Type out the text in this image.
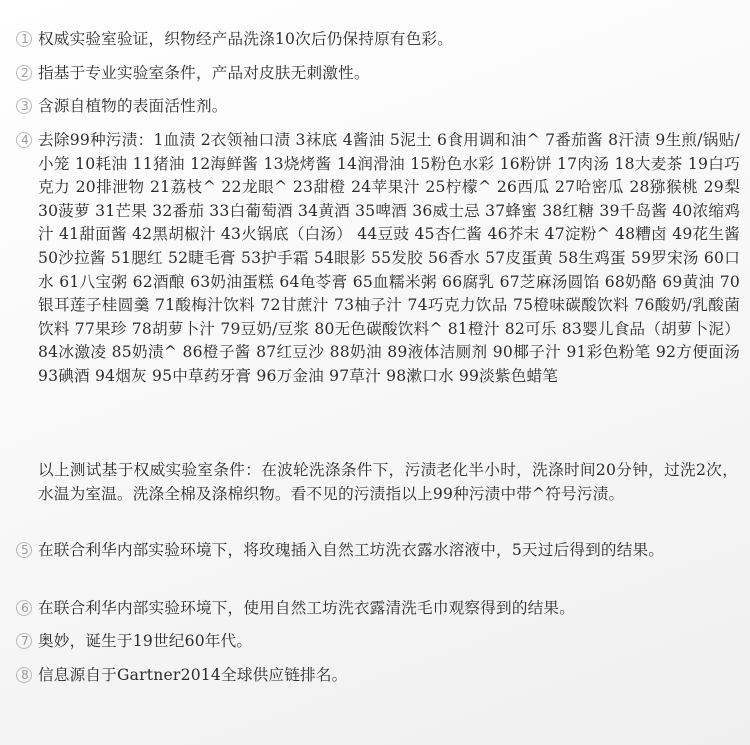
1 权威实验室验证，织物经产品洗涤10次后仍保持原有色彩。
2 指基于专业实验室条件，产品对皮肤无刺激性。
3 含源自植物的表面活性剂。
4 去除99种污渍：1血渍 2衣领袖口渍 3袜底 4酱油 5泥土 6食用调和油^ 7番茄酱 8汗渍 9生煎/锅贴/小笼 10耗油 11猪油 12海鲜酱 13烧烤酱 14润滑油 15粉色水彩 16粉饼 17肉汤 18大麦茶 19白巧克力 20排泄物 21荔枝^ 22龙眼^ 23甜橙 24苹果汁 25柠檬^ 26西瓜 27哈密瓜 28猕猴桃 29梨 30菠萝 31芒果 32番茄 33白葡萄酒 34黄酒 35啤酒 36威士忌 37蜂蜜 38红糖 39千岛酱 40浓缩鸡汁 41甜面酱 42黑胡椒汁 43火锅底（白汤） 44豆豉 45杏仁酱 46芥末 47淀粉^ 48糟卤 49花生酱 50沙拉酱 51腮红 52睫毛膏 53护手霜 54眼影 55发胶 56香水 57皮蛋黄 58生鸡蛋 59罗宋汤 60口水 61八宝粥 62酒酿 63奶油蛋糕 64龟苓膏 65血糯米粥 66腐乳 67芝麻汤圆馅 68奶酪 69黄油 70银耳莲子桂圆羹 71酸梅汁饮料 72甘蔗汁 73柚子汁 74巧克力饮品 75橙味碳酸饮料 76酸奶/乳酸菌饮料 77果珍 78胡萝卜汁 79豆奶/豆浆 80无色碳酸饮料^ 81橙汁 82可乐 83婴儿食品（胡萝卜泥） 84冰激凌 85奶渍^ 86橙子酱 87红豆沙 88奶油 89液体洁厕剂 90椰子汁 91彩色粉笔 92方便面汤 93碘酒 94烟灰 95中草药牙膏 96万金油 97草汁 98漱口水 99淡紫色蜡笔
以上测试基于权威实验室条件：在波轮洗涤条件下，污渍老化半小时，洗涤时间20分钟，过洗2次，水温为室温。洗涤全棉及涤棉织物。看不见的污渍指以上99种污渍中带^符号污渍。
5 在联合利华内部实验环境下，将玫瑰插入自然工坊洗衣露水溶液中，5天过后得到的结果。
6 在联合利华内部实验环境下，使用自然工坊洗衣露清洗毛巾观察得到的结果。
7 奥妙，诞生于19世纪60年代。
8 信息源自于Gartner2014全球供应链排名。
